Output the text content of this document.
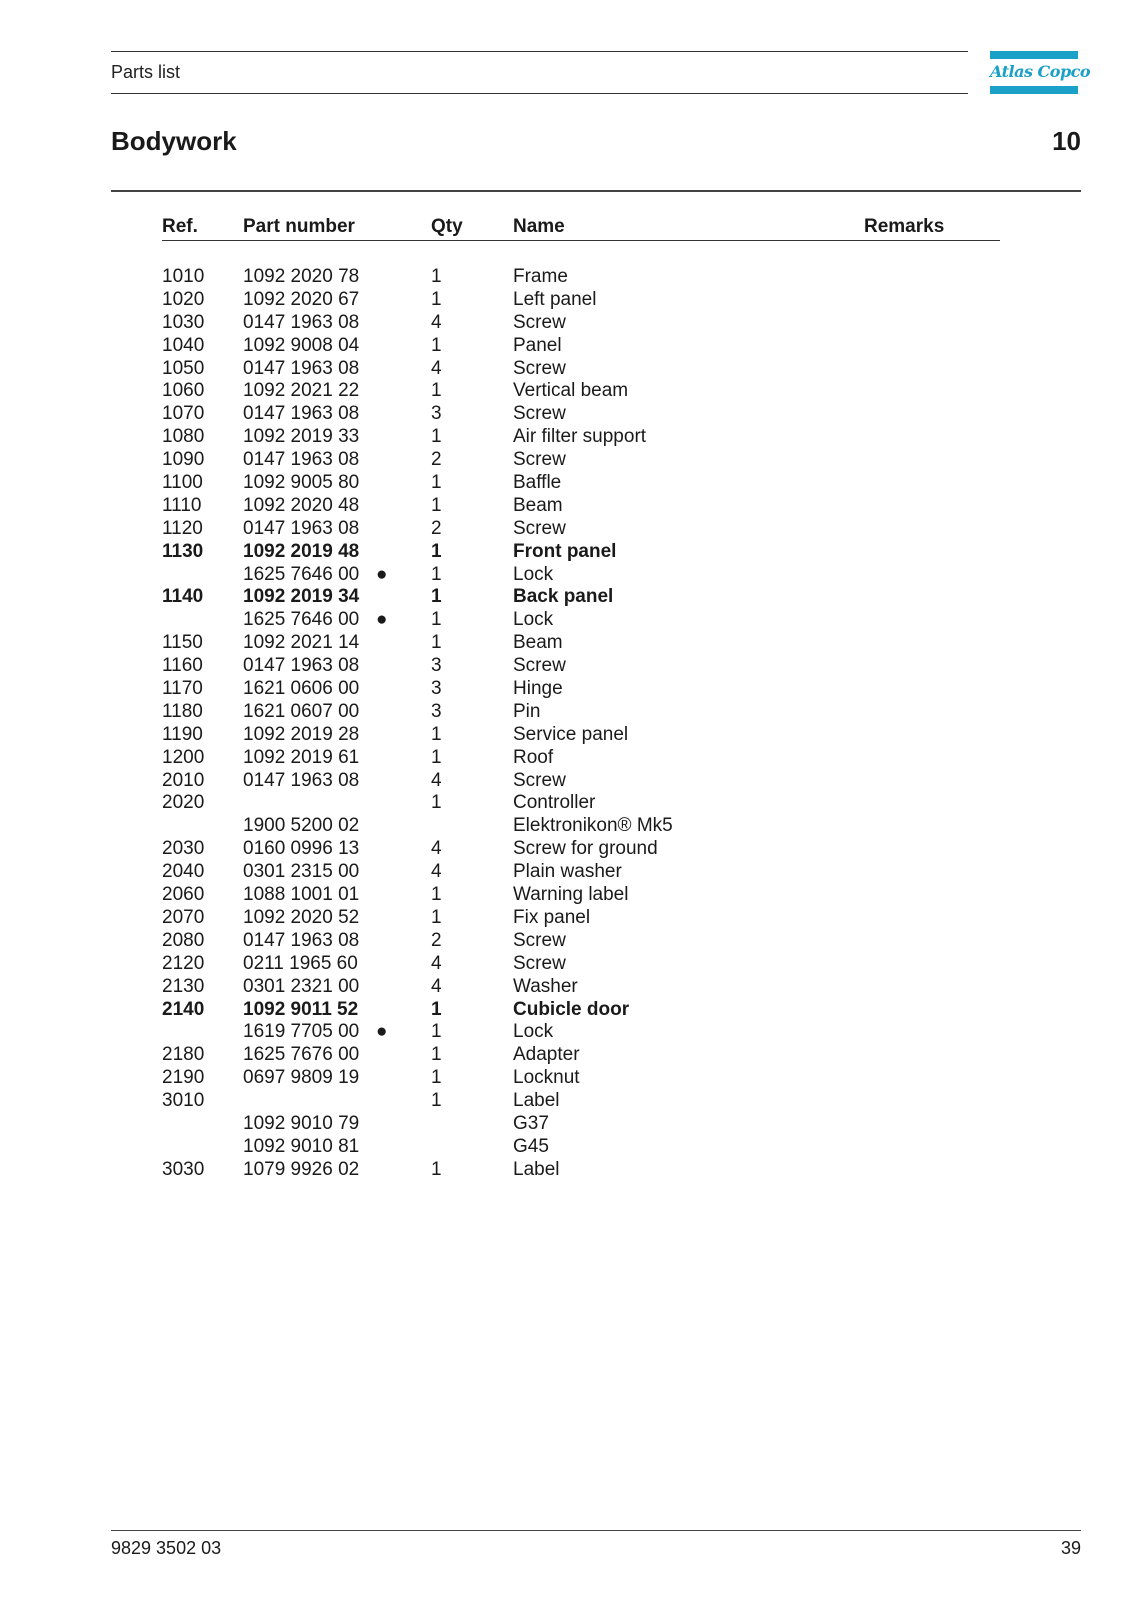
Parts list	Atlas Copco
Bodywork	10
Ref. Part number	Qty	Name	Remarks
1010 1092 2020 78	1	Frame
1020 1092 2020 67	1	Left panel
1030 0147 1963 08	4	Screw
1040 1092 9008 04	1	Panel
1050 0147 1963 08	4	Screw
1060 1092 2021 22	1	Vertical beam
1070 0147 1963 08	3	Screw
1080 1092 2019 33	1	Air filter support
1090 0147 1963 08	2	Screw
1100 1092 9005 80	1	Baffle
1110 1092 2020 48	1	Beam
1120 0147 1963 08	2	Screw
1130 1092 2019 48	1	Front panel
1625 7646 00 ● 1	Lock
1140 1092 2019 34	1	Back panel
1625 7646 00 ● 1	Lock
1150 1092 2021 14	1	Beam
1160 0147 1963 08	3	Screw
1170 1621 0606 00	3	Hinge
1180 1621 0607 00	3	Pin
1190 1092 2019 28	1	Service panel
1200 1092 2019 61	1	Roof
2010 0147 1963 08	4	Screw
2020	1	Controller
1900 5200 02	Elektronikon® Mk5
2030 0160 0996 13	4	Screw for ground
2040 0301 2315 00	4	Plain washer
2060 1088 1001 01	1	Warning label
2070 1092 2020 52	1	Fix panel
2080 0147 1963 08	2	Screw
2120 0211 1965 60	4	Screw
2130 0301 2321 00	4	Washer
2140 1092 9011 52	1	Cubicle door
1619 7705 00 ● 1	Lock
2180 1625 7676 00	1	Adapter
2190 0697 9809 19	1	Locknut
3010	1	Label
1092 9010 79	G37
1092 9010 81	G45
3030 1079 9926 02	1	Label
9829 3502 03	39
